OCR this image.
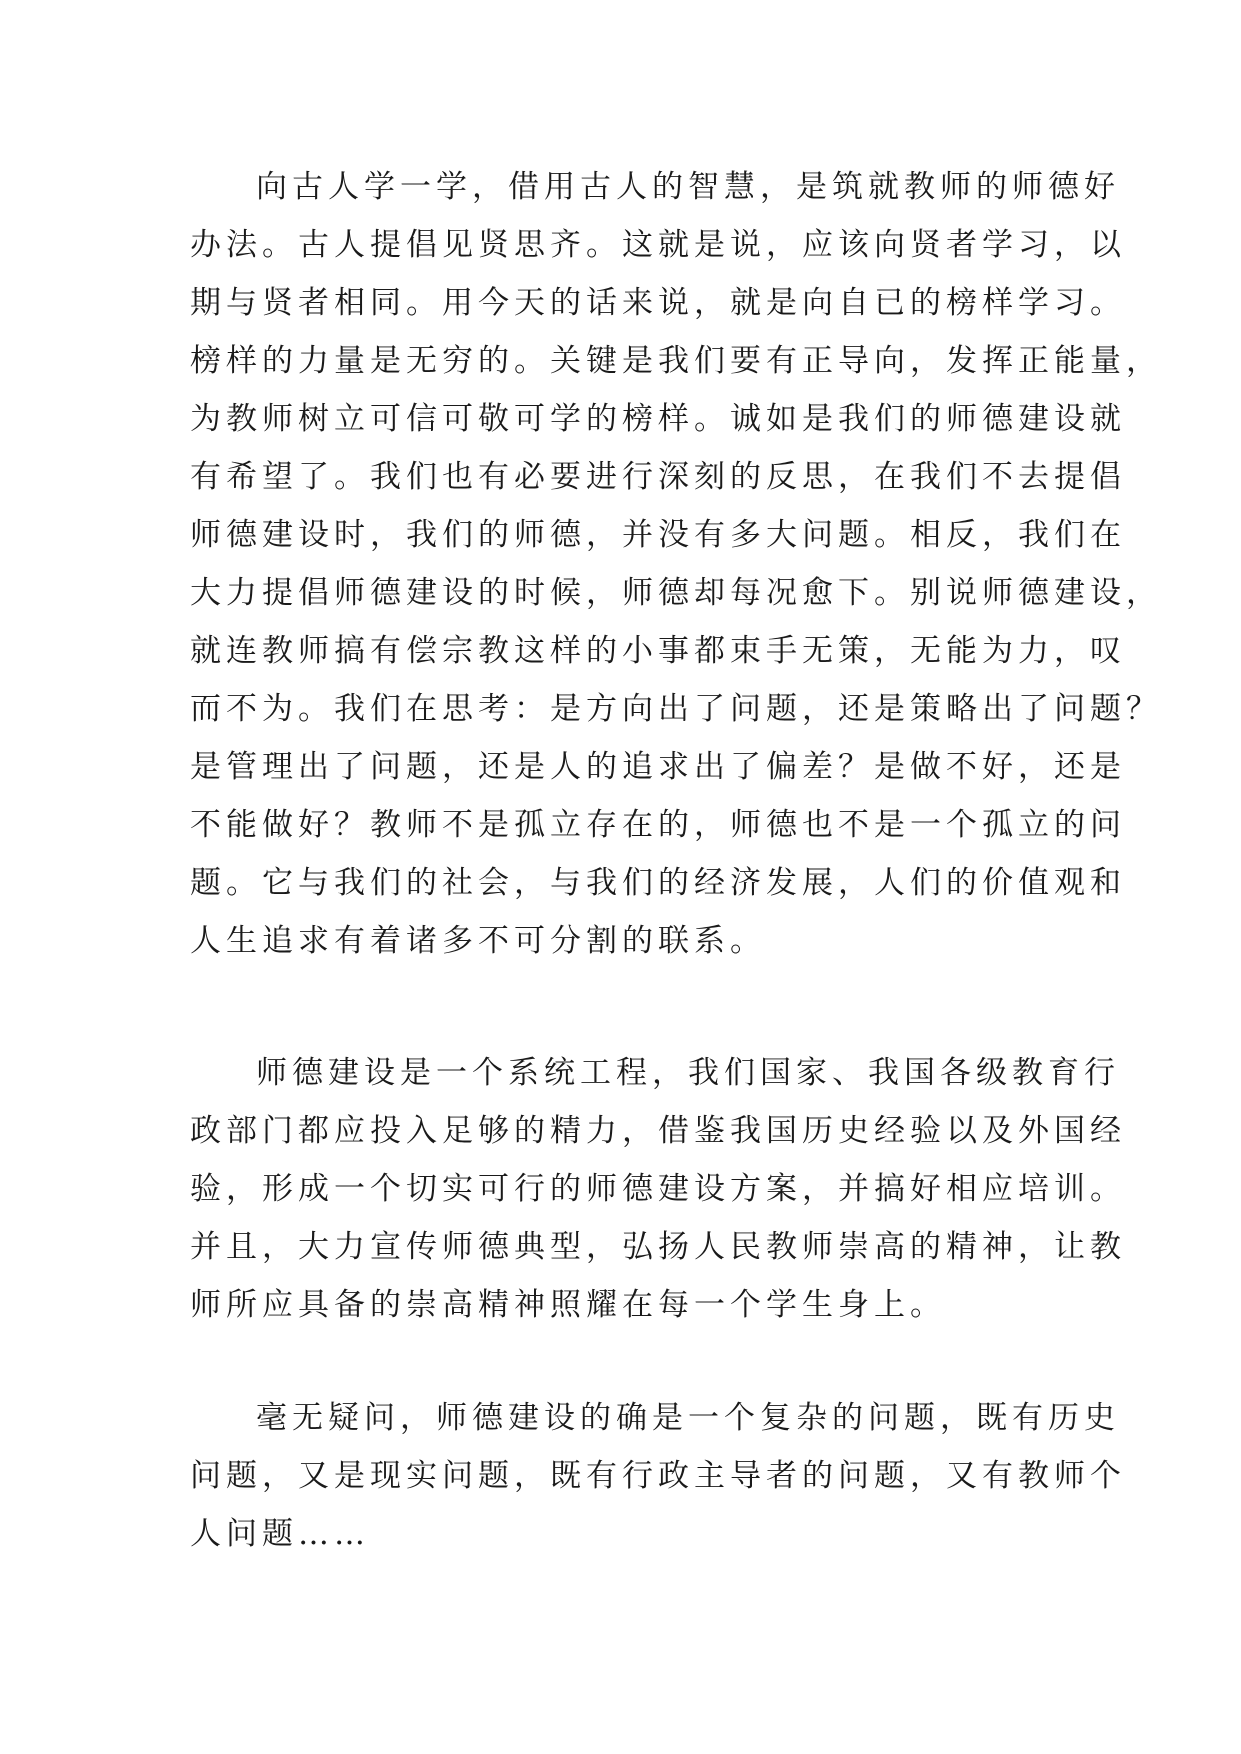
向古人学一学，借用古人的智慧，是筑就教师的师德好
办法。古人提倡见贤思齐。这就是说，应该向贤者学习，以
期与贤者相同。用今天的话来说，就是向自已的榜样学习。
榜样的力量是无穷的。关键是我们要有正导向，发挥正能量，
为教师树立可信可敬可学的榜样。诚如是我们的师德建设就
有希望了。我们也有必要进行深刻的反思，在我们不去提倡
师德建设时，我们的师德，并没有多大问题。相反，我们在
大力提倡师德建设的时候，师德却每况愈下。别说师德建设，
就连教师搞有偿宗教这样的小事都束手无策，无能为力，叹
而不为。我们在思考：是方向出了问题，还是策略出了问题？
是管理出了问题，还是人的追求出了偏差？是做不好，还是
不能做好？教师不是孤立存在的，师德也不是一个孤立的问
题。它与我们的社会，与我们的经济发展，人们的价值观和
人生追求有着诸多不可分割的联系。
师德建设是一个系统工程，我们国家、我国各级教育行
政部门都应投入足够的精力，借鉴我国历史经验以及外国经
验，形成一个切实可行的师德建设方案，并搞好相应培训。
并且，大力宣传师德典型，弘扬人民教师崇高的精神，让教
师所应具备的崇高精神照耀在每一个学生身上。
毫无疑问，师德建设的确是一个复杂的问题，既有历史
问题，又是现实问题，既有行政主导者的问题，又有教师个
人问题……
